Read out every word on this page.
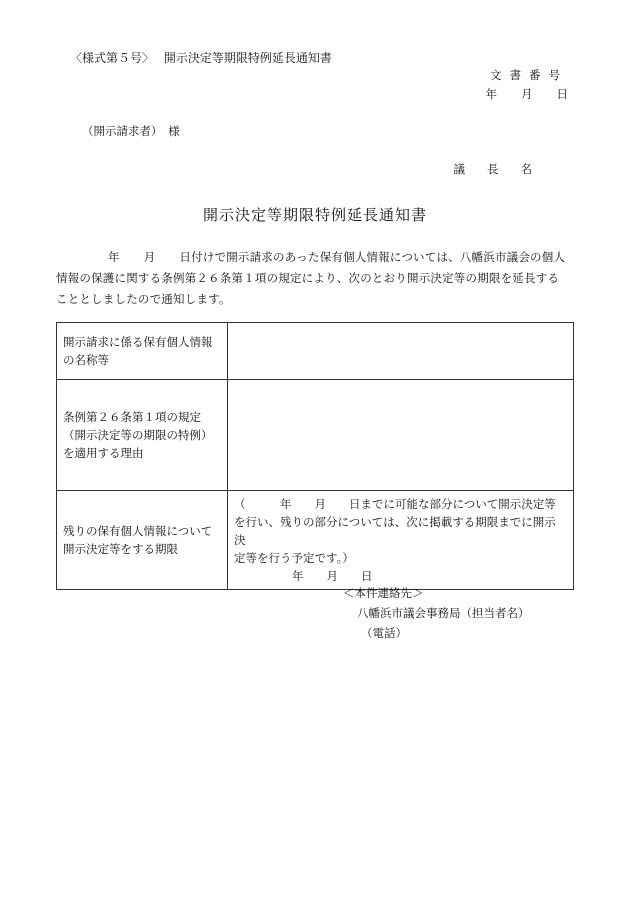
〈様式第５号〉　 開示決定等期限特例延長通知書
文書番号
年 月 日
（開示請求者）　様
議長名
開示決定等期限特例延長通知書
年 月 日付けで開示請求のあった保有個人情報については、八幡浜市議会の個人
情報の保護に関する条例第２６条第１項の規定により、次のとおり開示決定等の期限を延長する
こととしましたので通知します。
開示請求に係る保有個人情報の名称等	
条例第２６条第１項の規定（開示決定等の期限の特例）を適用する理由	
残りの保有個人情報について開示決定等をする期限	（　　　年　　月　　日までに可能な部分について開示決定等
を行い、残りの部分については、次に掲載する期限までに開示決
定等を行う予定です。）
年　　月　　日
＜本件連絡先＞
八幡浜市議会事務局（担当者名）
（電話）
